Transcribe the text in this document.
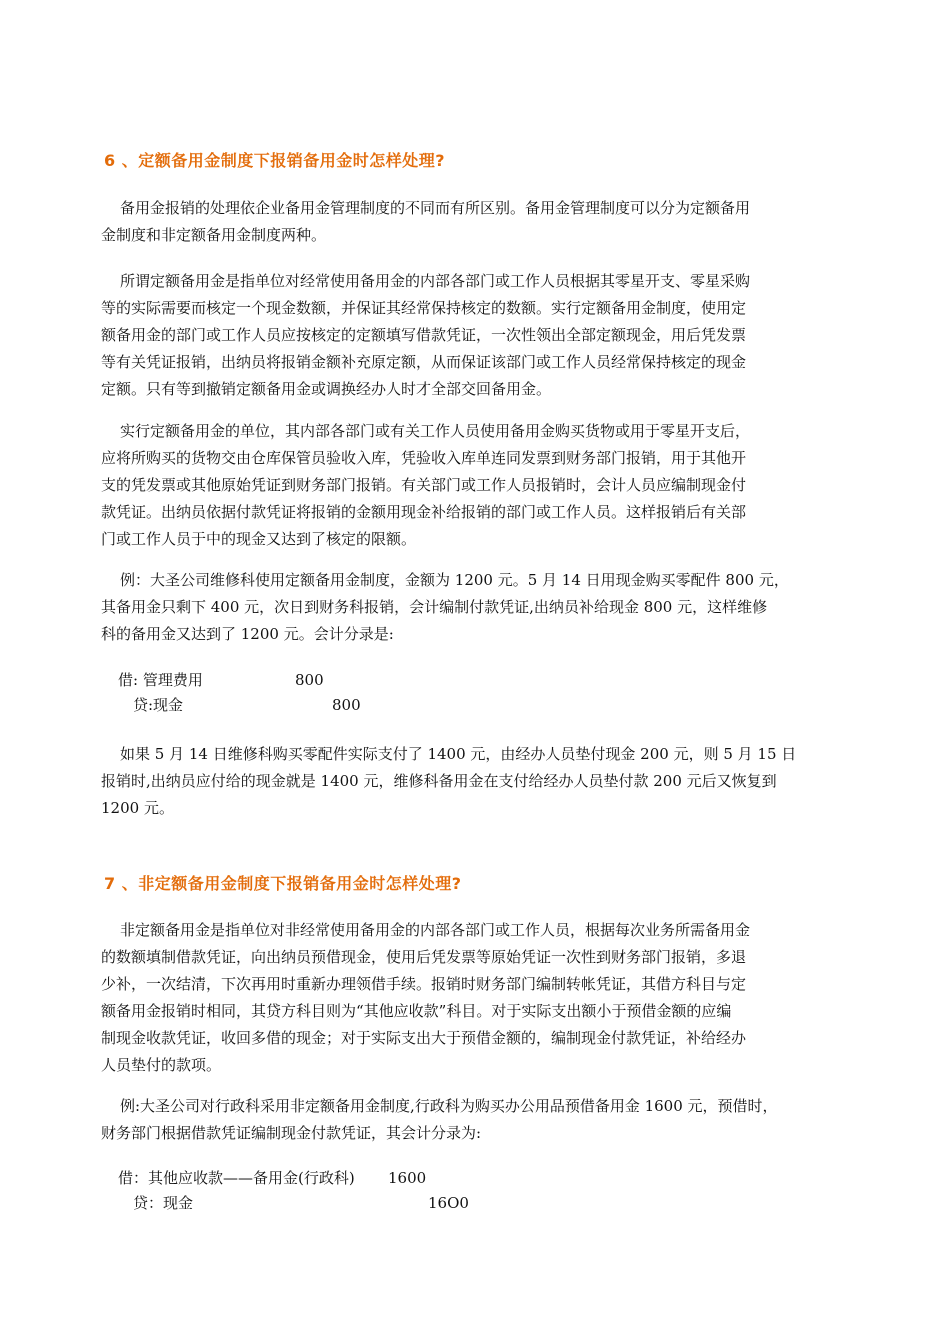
6 、定额备用金制度下报销备用金时怎样处理?
备用金报销的处理依企业备用金管理制度的不同而有所区别。备用金管理制度可以分为定额备用
金制度和非定额备用金制度两种。
所谓定额备用金是指单位对经常使用备用金的内部各部门或工作人员根据其零星开支、零星采购
等的实际需要而核定一个现金数额，并保证其经常保持核定的数额。实行定额备用金制度，使用定
额备用金的部门或工作人员应按核定的定额填写借款凭证，一次性领出全部定额现金，用后凭发票
等有关凭证报销，出纳员将报销金额补充原定额，从而保证该部门或工作人员经常保持核定的现金
定额。只有等到撤销定额备用金或调换经办人时才全部交回备用金。
实行定额备用金的单位，其内部各部门或有关工作人员使用备用金购买货物或用于零星开支后，
应将所购买的货物交由仓库保管员验收入库，凭验收入库单连同发票到财务部门报销，用于其他开
支的凭发票或其他原始凭证到财务部门报销。有关部门或工作人员报销时，会计人员应编制现金付
款凭证。出纳员依据付款凭证将报销的金额用现金补给报销的部门或工作人员。这样报销后有关部
门或工作人员于中的现金又达到了核定的限额。
例：大圣公司维修科使用定额备用金制度，金额为 1200 元。5 月 14 日用现金购买零配件 800 元，
其备用金只剩下 400 元，次日到财务科报销，会计编制付款凭证,出纳员补给现金 800 元，这样维修
科的备用金又达到了 1200 元。会计分录是:
借: 管理费用	800
贷:现金	800
如果 5 月 14 日维修科购买零配件实际支付了 1400 元，由经办人员垫付现金 200 元，则 5 月 15 日
报销时,出纳员应付给的现金就是 1400 元，维修科备用金在支付给经办人员垫付款 200 元后又恢复到
1200 元。
7 、非定额备用金制度下报销备用金时怎样处理?
非定额备用金是指单位对非经常使用备用金的内部各部门或工作人员，根据每次业务所需备用金
的数额填制借款凭证，向出纳员预借现金，使用后凭发票等原始凭证一次性到财务部门报销，多退
少补，一次结清，下次再用时重新办理领借手续。报销时财务部门编制转帐凭证，其借方科目与定
额备用金报销时相同，其贷方科目则为“其他应收款”科目。对于实际支出额小于预借金额的应编
制现金收款凭证，收回多借的现金；对于实际支出大于预借金额的，编制现金付款凭证，补给经办
人员垫付的款项。
例:大圣公司对行政科采用非定额备用金制度,行政科为购买办公用品预借备用金 1600 元，预借时，
财务部门根据借款凭证编制现金付款凭证，其会计分录为:
借：其他应收款——备用金(行政科) 1600
贷：现金	16O0
